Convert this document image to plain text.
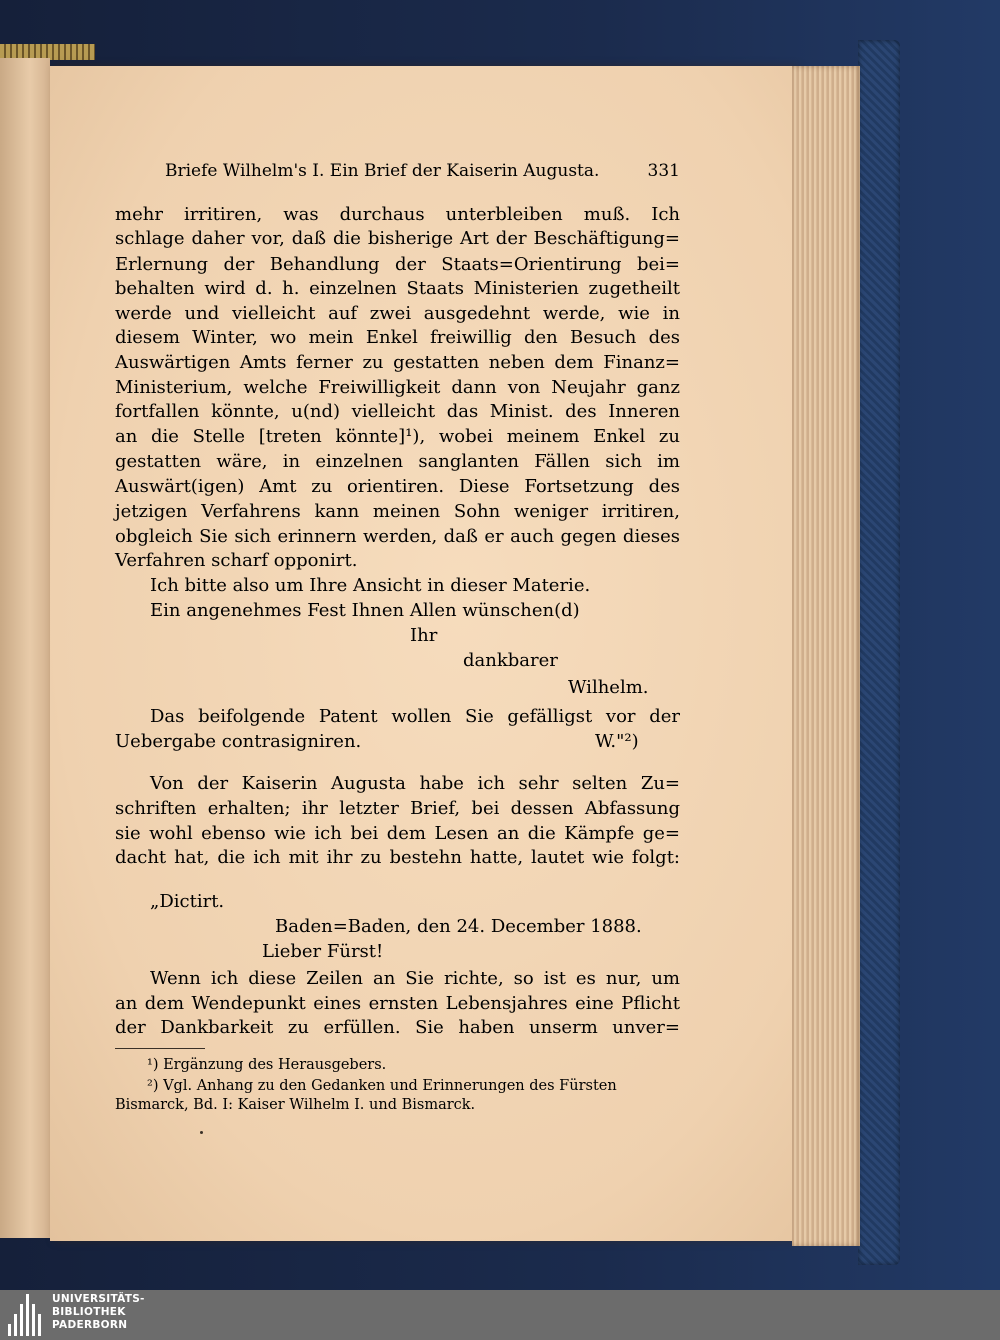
Briefe Wilhelm's I. Ein Brief der Kaiserin Augusta.	331
mehr irritiren, was durchaus unterbleiben muß. Ich
schlage daher vor, daß die bisherige Art der Beschäftigung=
Erlernung der Behandlung der Staats=Orientirung bei=
behalten wird d. h. einzelnen Staats Ministerien zugetheilt
werde und vielleicht auf zwei ausgedehnt werde, wie in
diesem Winter, wo mein Enkel freiwillig den Besuch des
Auswärtigen Amts ferner zu gestatten neben dem Finanz=
Ministerium, welche Freiwilligkeit dann von Neujahr ganz
fortfallen könnte, u(nd) vielleicht das Minist. des Inneren
an die Stelle [treten könnte]¹), wobei meinem Enkel zu
gestatten wäre, in einzelnen sanglanten Fällen sich im
Auswärt(igen) Amt zu orientiren. Diese Fortsetzung des
jetzigen Verfahrens kann meinen Sohn weniger irritiren,
obgleich Sie sich erinnern werden, daß er auch gegen dieses
Verfahren scharf opponirt.
Ich bitte also um Ihre Ansicht in dieser Materie.
Ein angenehmes Fest Ihnen Allen wünschen(d)
Ihr
dankbarer
Wilhelm.
Das beifolgende Patent wollen Sie gefälligst vor der
Uebergabe contrasigniren.	W."²)
Von der Kaiserin Augusta habe ich sehr selten Zu=
schriften erhalten; ihr letzter Brief, bei dessen Abfassung
sie wohl ebenso wie ich bei dem Lesen an die Kämpfe ge=
dacht hat, die ich mit ihr zu bestehn hatte, lautet wie folgt:
„Dictirt.
Baden=Baden, den 24. December 1888.
Lieber Fürst!
Wenn ich diese Zeilen an Sie richte, so ist es nur, um
an dem Wendepunkt eines ernsten Lebensjahres eine Pflicht
der Dankbarkeit zu erfüllen. Sie haben unserm unver=
¹) Ergänzung des Herausgebers.
²) Vgl. Anhang zu den Gedanken und Erinnerungen des Fürsten
Bismarck, Bd. I: Kaiser Wilhelm I. und Bismarck.
UNIVERSITÄTS-
BIBLIOTHEK
PADERBORN
